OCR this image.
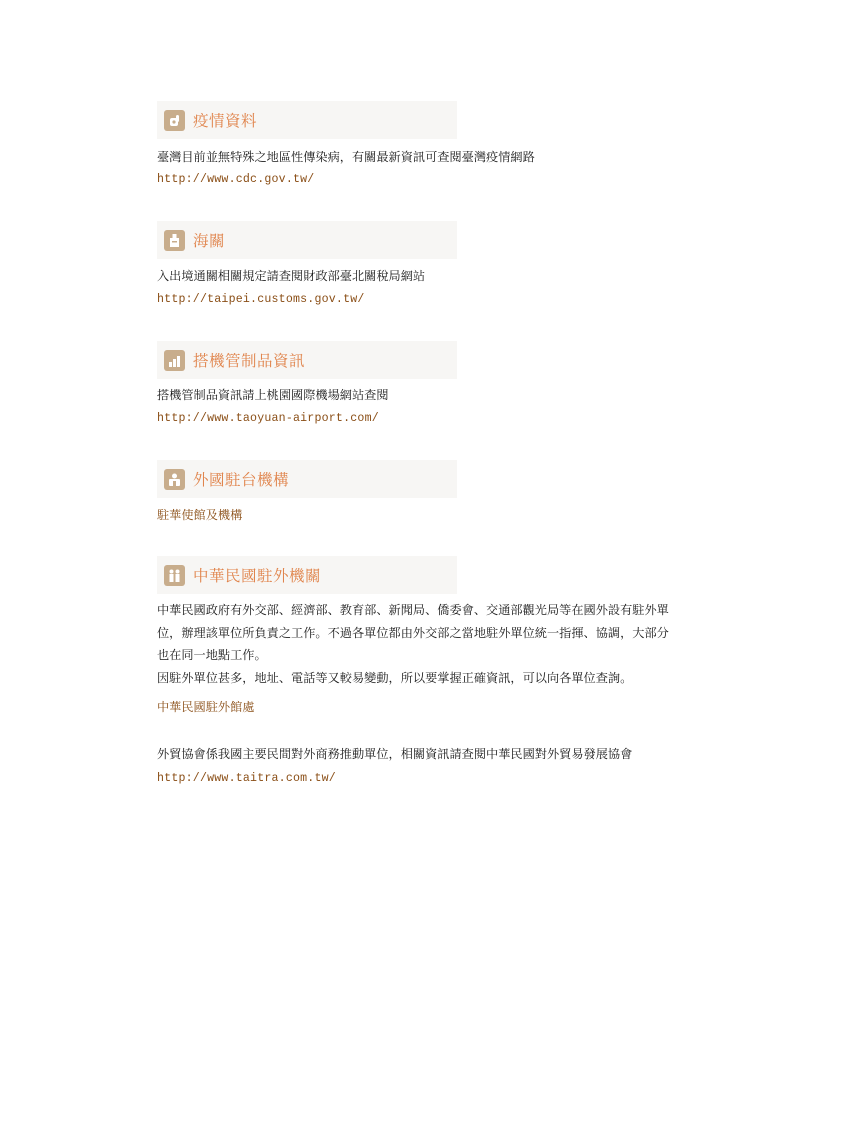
疫情資料
臺灣目前並無特殊之地區性傳染病，有關最新資訊可查閱臺灣疫情網路
http://www.cdc.gov.tw/
海關
入出境通關相關規定請查閱財政部臺北關稅局網站
http://taipei.customs.gov.tw/
搭機管制品資訊
搭機管制品資訊請上桃園國際機場網站查閱
http://www.taoyuan-airport.com/
外國駐台機構
駐華使館及機構
中華民國駐外機關
中華民國政府有外交部、經濟部、教育部、新聞局、僑委會、交通部觀光局等在國外設有駐外單
位，辦理該單位所負責之工作。不過各單位都由外交部之當地駐外單位統一指揮、協調，大部分
也在同一地點工作。
因駐外單位甚多，地址、電話等又較易變動，所以要掌握正確資訊，可以向各單位查詢。
中華民國駐外館處
外貿協會係我國主要民間對外商務推動單位，相關資訊請查閱中華民國對外貿易發展協會
http://www.taitra.com.tw/
